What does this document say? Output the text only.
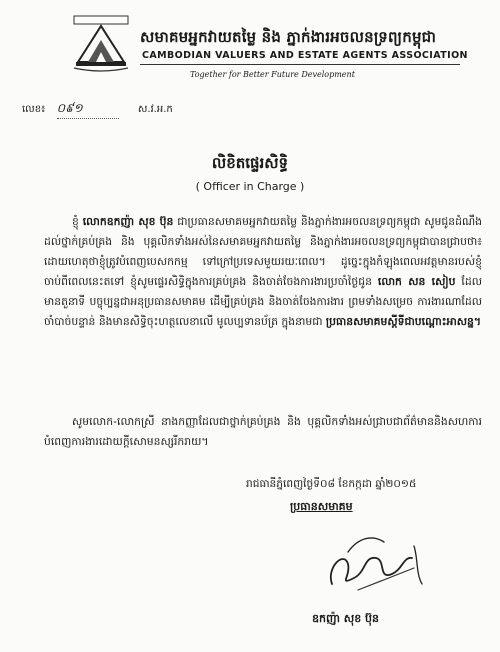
សមាគមអ្នកវាយតម្លៃ និង ភ្នាក់ងារអចលនទ្រព្យកម្ពុជា
CAMBODIAN VALUERS AND ESTATE AGENTS ASSOCIATION
Together for Better Future Development
លេខ៖ ០៩១	ស.វ.អ.ក
លិខិតផ្ទេរសិទ្ធិ
( Officer in Charge )
ខ្ញុំ លោកឧកញ៉ា សុខ ប៊ុន ជាប្រធានសមាគមអ្នកវាយតម្លៃ និងភ្នាក់ងារអចលនទ្រព្យកម្ពុជា សូមជូនដំណឹងដល់ថ្នាក់គ្រប់គ្រង និង បុគ្គលិកទាំងអស់នៃសមាគមអ្នកវាយតម្លៃ និងភ្នាក់ងារអចលនទ្រព្យកម្ពុជាបានជ្រាបថា៖ ដោយហេតុថាខ្ញុំត្រូវបំពេញបេសកកម្ម ទៅក្រៅប្រទេសមួយរយៈពេល។ ដូច្នេះក្នុងកំឡុងពេលអវត្តមានរបស់ខ្ញុំចាប់ពីពេលនេះតទៅ ខ្ញុំសូមផ្ទេរសិទ្ធិក្នុងការគ្រប់គ្រង និងចាត់ចែងការងារប្រចាំថ្ងៃជូន លោក សន សៀប ដែលមានតួនាទី បច្ចុប្បន្នជាអនុប្រធានសមាគម ដើម្បីគ្រប់គ្រង និងចាត់ចែងការងារ ព្រមទាំងសម្រេច ការងារណាដែលចាំបាច់បន្ទាន់ និងមានសិទ្ធិចុះហត្ថលេខាលើ មូលប្បទានប័ត្រ ក្នុងនាមជា ប្រធានសមាគមស្តីទីជាបណ្តោះអាសន្ន។
សូមលោក-លោកស្រី នាងកញ្ញាដែលជាថ្នាក់គ្រប់គ្រង និង បុគ្គលិកទាំងអស់ជ្រាបជាព័ត៌មាននិងសហការបំពេញការងារដោយក្តីសោមនស្សរីករាយ។
រាជធានីភ្នំពេញថ្ងៃទី០៨ ខែកក្កដា ឆ្នាំ២០១៥
ប្រធានសមាគម
ឧកញ៉ា សុខ ប៊ុន
